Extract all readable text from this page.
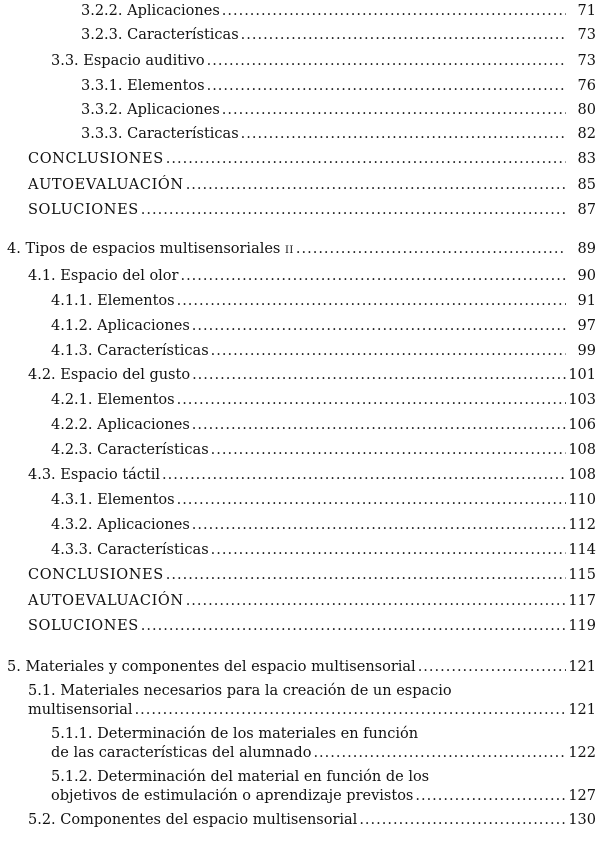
3.2.2. Aplicaciones .....	71
3.2.3. Características .....	73
3.3. Espacio auditivo .....	73
3.3.1. Elementos .....	76
3.3.2. Aplicaciones .....	80
3.3.3. Características .....	82
CONCLUSIONES .....	83
AUTOEVALUACIÓN .....	85
SOLUCIONES .....	87
4. Tipos de espacios multisensoriales II .....	89
4.1. Espacio del olor .....	90
4.1.1. Elementos .....	91
4.1.2. Aplicaciones .....	97
4.1.3. Características .....	99
4.2. Espacio del gusto .....	101
4.2.1. Elementos .....	103
4.2.2. Aplicaciones .....	106
4.2.3. Características .....	108
4.3. Espacio táctil .....	108
4.3.1. Elementos .....	110
4.3.2. Aplicaciones .....	112
4.3.3. Características .....	114
CONCLUSIONES .....	115
AUTOEVALUACIÓN .....	117
SOLUCIONES .....	119
5. Materiales y componentes del espacio multisensorial .....	121
5.1. Materiales necesarios para la creación de un espacio
multisensorial .....	121
5.1.1. Determinación de los materiales en función
de las características del alumnado .....	122
5.1.2. Determinación del material en función de los
objetivos de estimulación o aprendizaje previstos .....	127
5.2. Componentes del espacio multisensorial .....	130
